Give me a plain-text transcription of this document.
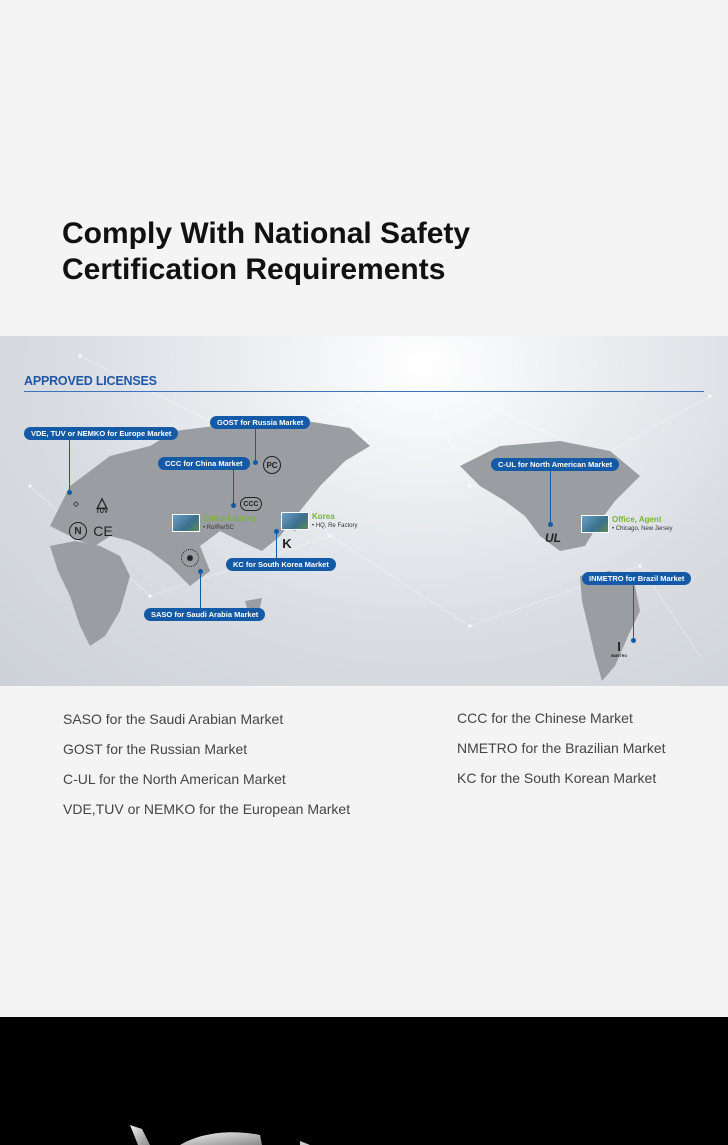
Comply With National Safety
Certification Requirements
APPROVED LICENSES
VDE, TUV or NEMKO for Europe Market
◇	△
TUV
N CE
GOST for Russia Market
PC
CCC for China Market
CCC
China Factory
• Ro/Re/SC
Korea
• HQ, Re Factory
K
KC for South Korea Market
✺
SASO for Saudi Arabia Market
C-UL for North American Market
UL
Office, Agent
• Chicago, New Jersey
INMETRO for Brazil Market
I
INMETRO
SASO for the Saudi Arabian Market
GOST for the Russian Market
C-UL for the North American Market
VDE,TUV or NEMKO for the European Market
CCC for the Chinese Market
NMETRO for the Brazilian Market
KC for the South Korean Market
